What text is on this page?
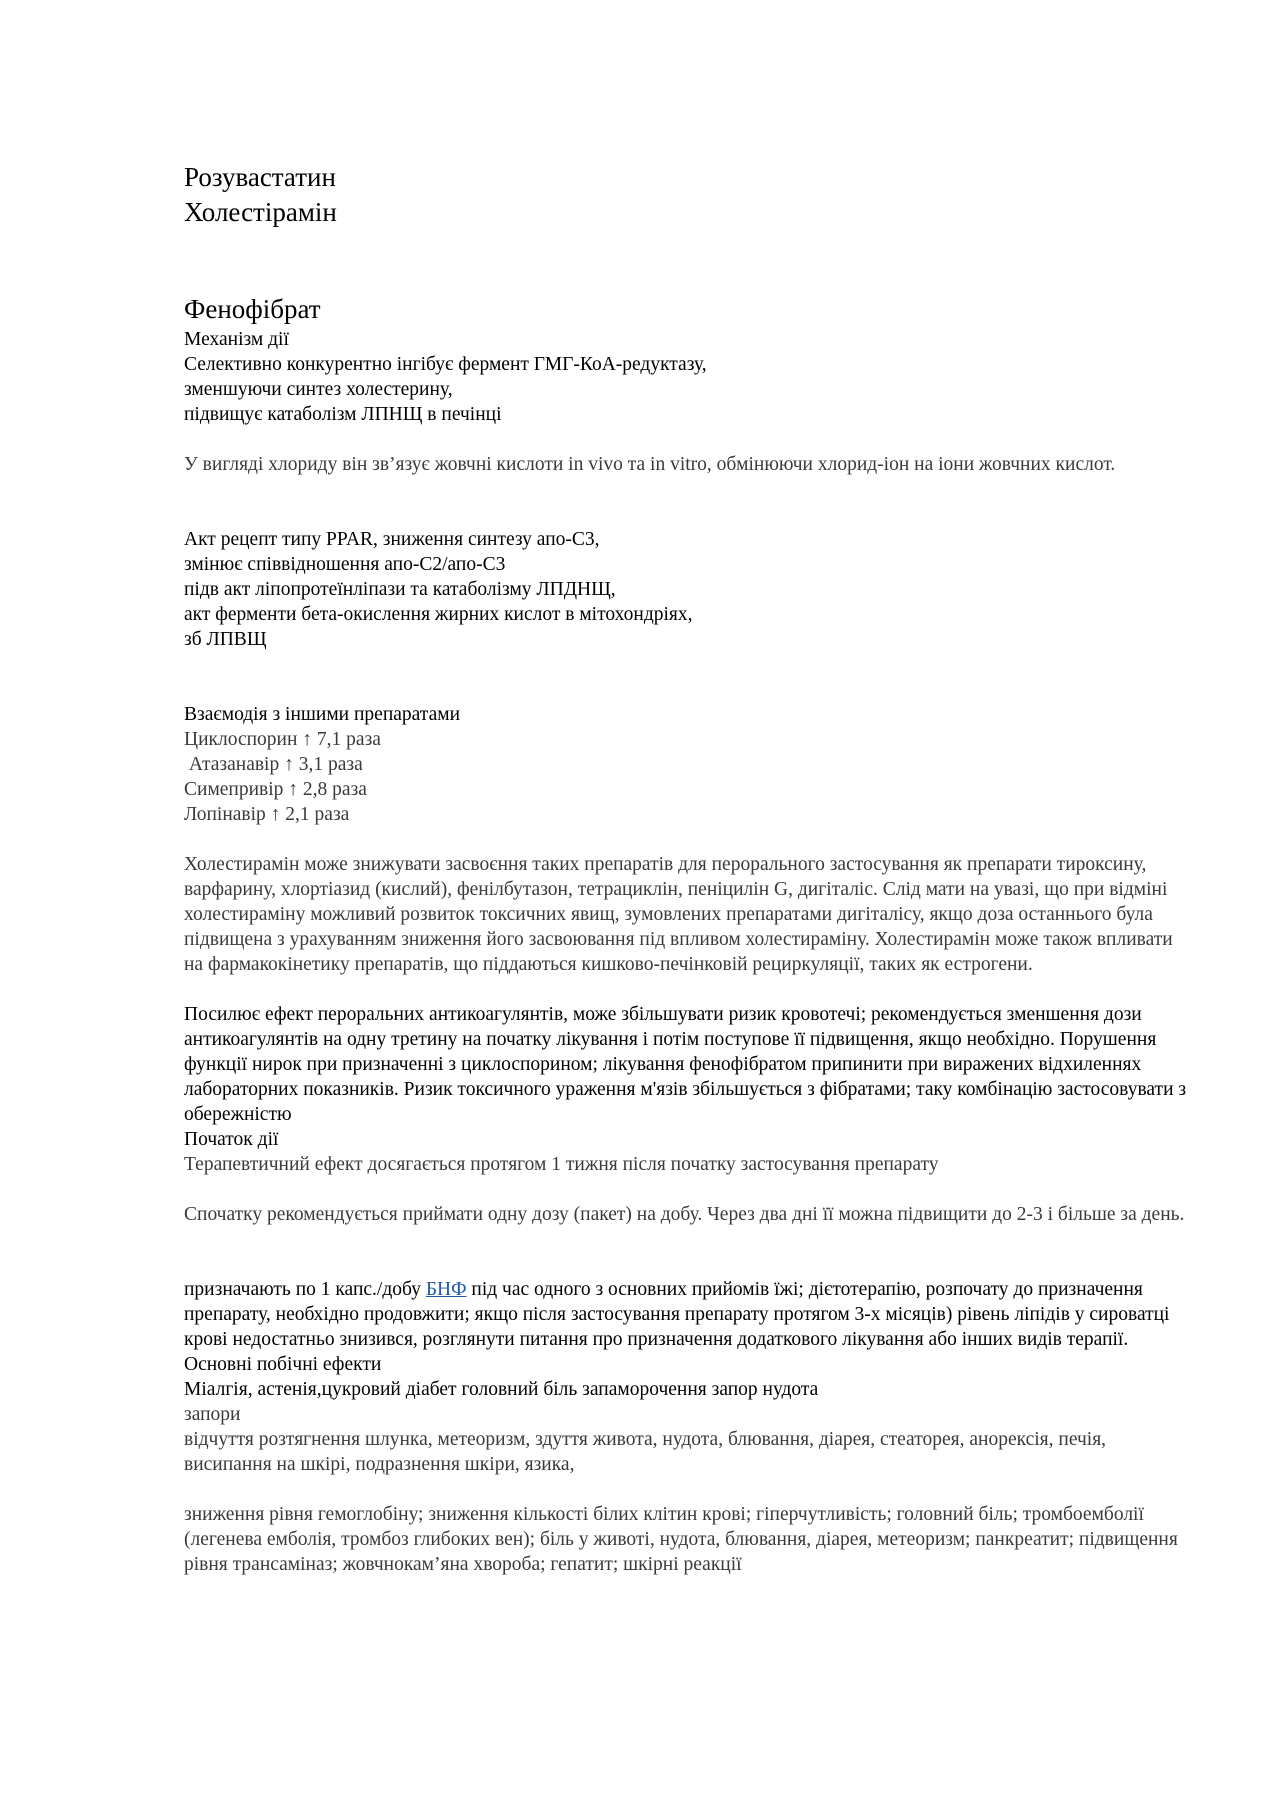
Розувастатин
Холестірамін
Фенофібрат

Механізм дії

Селективно конкурентно інгібує фермент ГМГ-КоА-редуктазу,

зменшуючи синтез холестерину,

підвищує катаболізм ЛПНЩ в печінці

У вигляді хлориду він зв’язує жовчні кислоти in vivo та in vitro, обмінюючи хлорид-іон на іони жовчних кислот.

Акт рецепт типу PPAR, зниження синтезу апо-С3,

змінює співвідношення апо-С2/апо-С3

підв акт ліпопротеїнліпази та катаболізму ЛПДНЩ,

акт ферменти бета-окислення жирних кислот в мітохондріях,

зб ЛПВЩ

Взаємодія з іншими препаратами

Циклоспорин ↑ 7,1 раза

Атазанавір ↑ 3,1 раза

Симепривір ↑ 2,8 раза

Лопінавір ↑ 2,1 раза

Холестирамін може знижувати засвоєння таких препаратів для перорального застосування як препарати тироксину, варфарину, хлортіазид (кислий), фенілбутазон, тетрациклін, пеніцилін G, дигіталіс. Слід мати на увазі, що при відміні холестираміну можливий розвиток токсичних явищ, зумовлених препаратами дигіталісу, якщо доза останнього була підвищена з урахуванням зниження його засвоювання під впливом холестираміну. Холестирамін може також впливати на фармакокінетику препаратів, що піддаються кишково-печінковій рециркуляції, таких як естрогени.

Посилює ефект пероральних антикоагулянтів, може збільшувати ризик кровотечі; рекомендується зменшення дози антикоагулянтів на одну третину на початку лікування і потім поступове її підвищення, якщо необхідно. Порушення функції нирок при призначенні з циклоспорином; лікування фенофібратом припинити при виражених відхиленнях лабораторних показників. Ризик токсичного ураження м'язів збільшується з фібратами; таку комбінацію застосовувати з обережністю

Початок дії

Терапевтичний ефект досягається протягом 1 тижня після початку застосування препарату

Спочатку рекомендується приймати одну дозу (пакет) на добу. Через два дні її можна підвищити до 2-3 і більше за день.

призначають по 1 капс./добу БНФ під час одного з основних прийомів їжі; дієтотерапію, розпочату до призначення препарату, необхідно продовжити; якщо після застосування препарату протягом 3-х місяців) рівень ліпідів у сироватці крові недостатньо знизився, розглянути питання про призначення додаткового лікування або інших видів терапії.

Основні побічні ефекти

Міалгія, астенія,цукровий діабет головний біль запаморочення запор нудота

запори

відчуття розтягнення шлунка, метеоризм, здуття живота, нудота, блювання, діарея, стеаторея, анорексія, печія, висипання на шкірі, подразнення шкіри, язика,

зниження рівня гемоглобіну; зниження кількості білих клітин крові; гіперчутливість; головний біль; тромбоемболії (легенева емболія, тромбоз глибоких вен); біль у животі, нудота, блювання, діарея, метеоризм; панкреатит; підвищення рівня трансаміназ; жовчнокам’яна хвороба; гепатит; шкірні реакції
